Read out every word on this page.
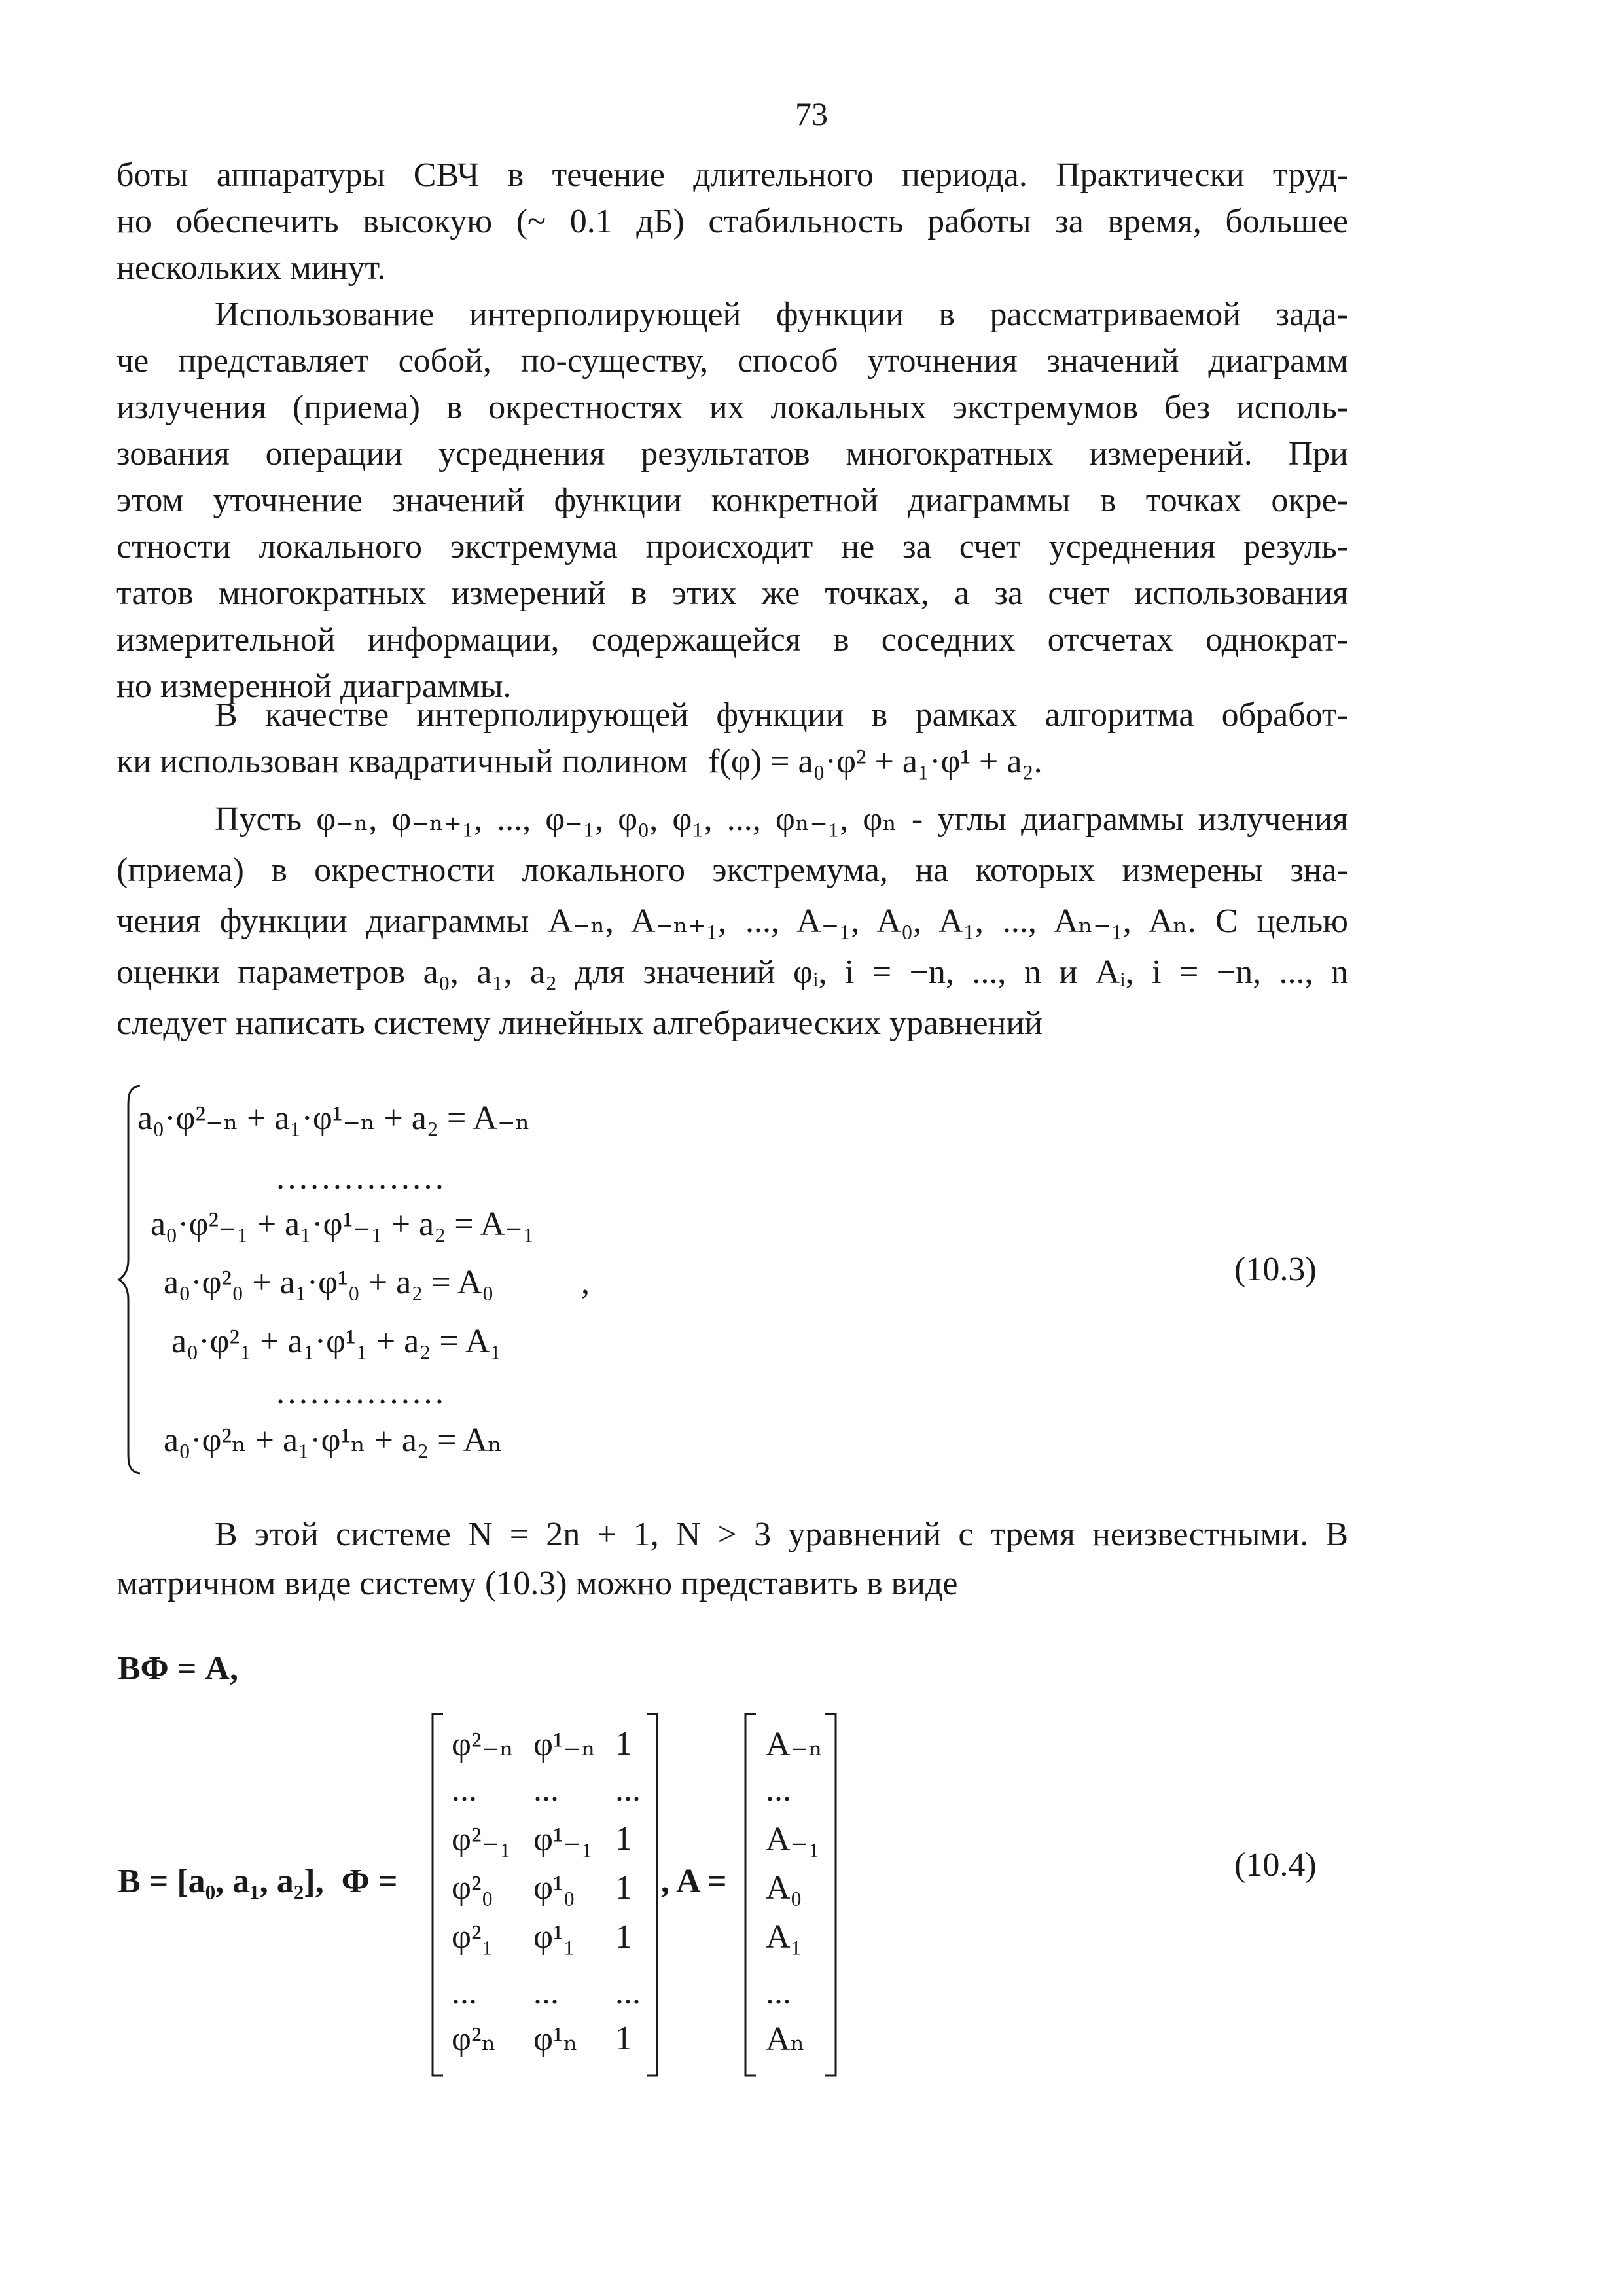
73

боты аппаратуры СВЧ в течение длительного периода. Практически труд-

но обеспечить высокую (~ 0.1 дБ) стабильность работы за время, большее

нескольких минут.

Использование интерполирующей функции в рассматриваемой зада-

че представляет собой, по-существу, способ уточнения значений диаграмм

излучения (приема) в окрестностях их локальных экстремумов без исполь-

зования операции усреднения результатов многократных измерений. При

этом уточнение значений функции конкретной диаграммы в точках окре-

стности локального экстремума происходит не за счет усреднения резуль-

татов многократных измерений в этих же точках, а за счет использования

измерительной информации, содержащейся в соседних отсчетах однократ-

но измеренной диаграммы.

В качестве интерполирующей функции в рамках алгоритма обработ-

ки использован квадратичный полином f(φ) = a₀·φ² + a₁·φ¹ + a₂.

Пусть φ₋ₙ, φ₋ₙ₊₁, ..., φ₋₁, φ₀, φ₁, ..., φₙ₋₁, φₙ - углы диаграммы излучения

(приема) в окрестности локального экстремума, на которых измерены зна-

чения функции диаграммы A₋ₙ, A₋ₙ₊₁, ..., A₋₁, A₀, A₁, ..., Aₙ₋₁, Aₙ. С целью

оценки параметров a₀, a₁, a₂ для значений φᵢ, i = −n, ..., n и Aᵢ, i = −n, ..., n

следует написать систему линейных алгебраических уравнений

a₀·φ²₋ₙ + a₁·φ¹₋ₙ + a₂ = A₋ₙ
……………
a₀·φ²₋₁ + a₁·φ¹₋₁ + a₂ = A₋₁
a₀·φ²₀ + a₁·φ¹₀ + a₂ = A₀	,
a₀·φ²₁ + a₁·φ¹₁ + a₂ = A₁
……………
a₀·φ²ₙ + a₁·φ¹ₙ + a₂ = Aₙ
(10.3)

В этой системе N = 2n + 1, N > 3 уравнений с тремя неизвестными. В

матричном виде систему (10.3) можно представить в виде

BΦ = A,
B = [a₀, a₁, a₂], Φ =
φ²₋ₙ φ¹₋ₙ 1
... ... ...
φ²₋₁ φ¹₋₁ 1
φ²₀ φ¹₀ 1
φ²₁ φ¹₁ 1
... ... ...
φ²ₙ φ¹ₙ 1
, A =
A₋ₙ
...
A₋₁
A₀
A₁
...
Aₙ
(10.4)
